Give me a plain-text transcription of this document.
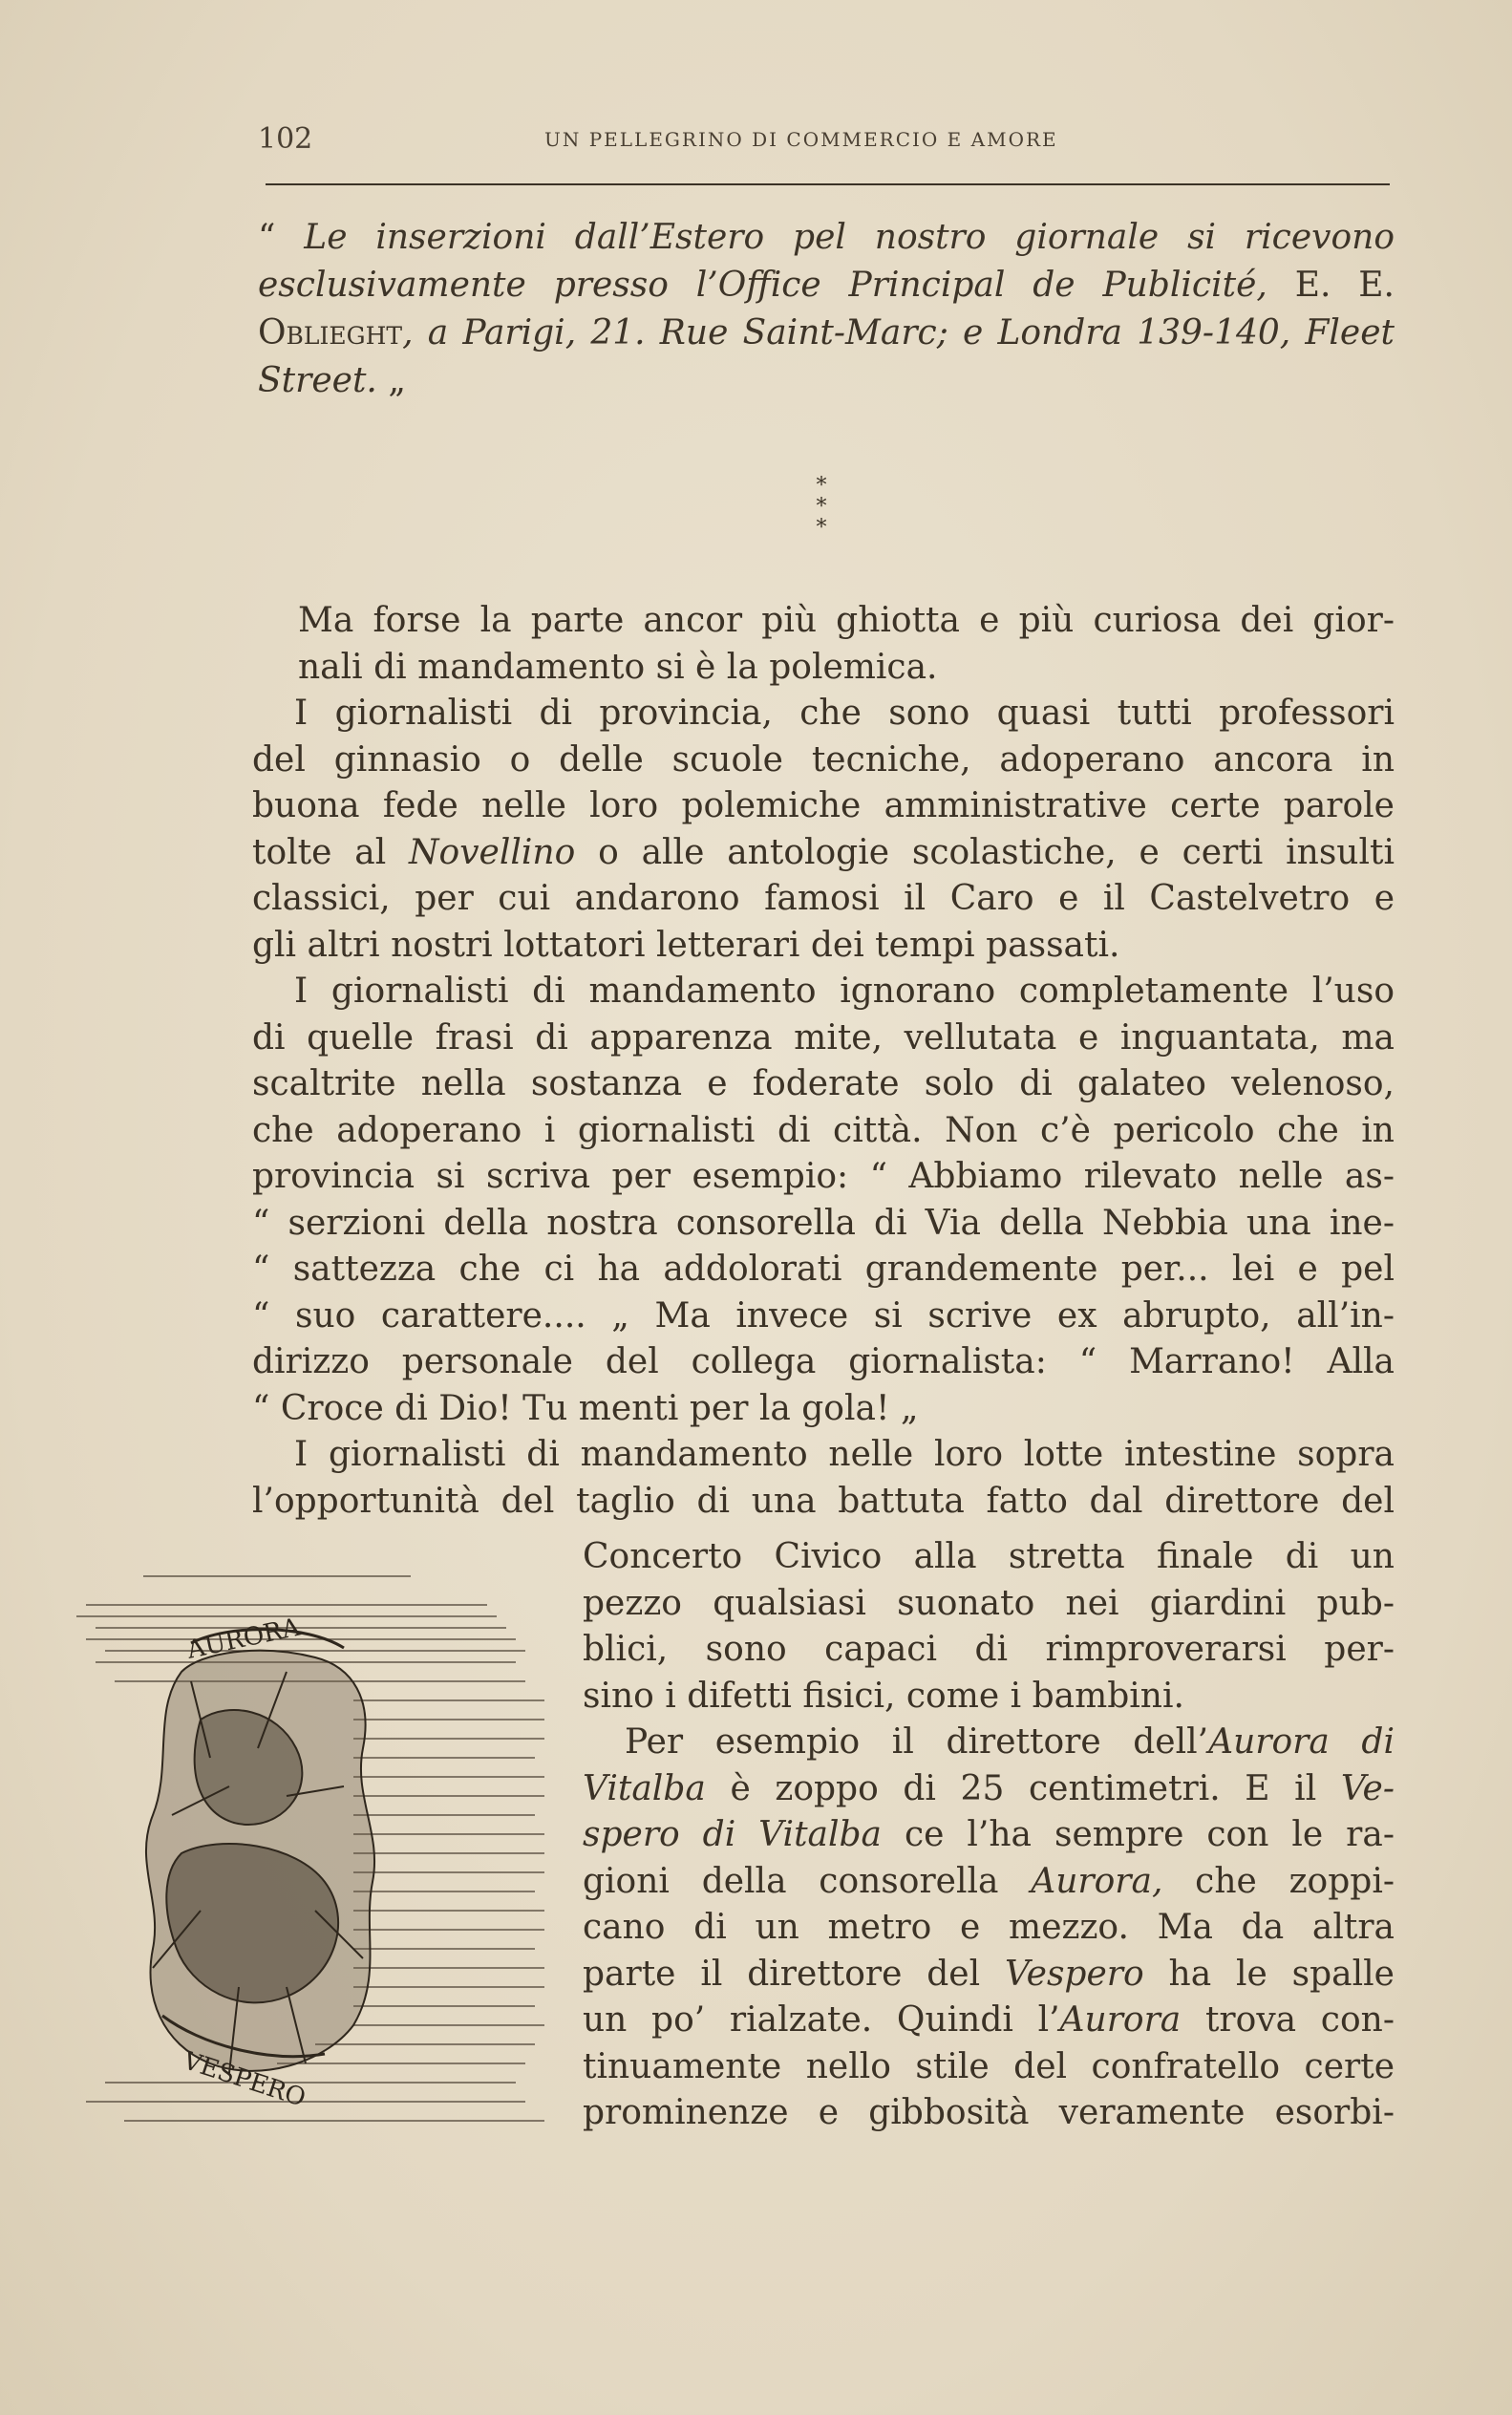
102	UN PELLEGRINO DI COMMERCIO E AMORE
“ Le inserzioni dall’Estero pel nostro giornale si ricevono esclusivamente presso l’Office Principal de Publicité, E. E. Oblieght, a Parigi, 21. Rue Saint-Marc; e Londra 139-140, Fleet Street. „
*
* *

Ma forse la parte ancor più ghiotta e più curiosa dei gior-
nali di mandamento si è la polemica.

I giornalisti di provincia, che sono quasi tutti professori
del ginnasio o delle scuole tecniche, adoperano ancora in
buona fede nelle loro polemiche amministrative certe parole
tolte al Novellino o alle antologie scolastiche, e certi insulti
classici, per cui andarono famosi il Caro e il Castelvetro e
gli altri nostri lottatori letterari dei tempi passati.

I giornalisti di mandamento ignorano completamente l’uso
di quelle frasi di apparenza mite, vellutata e inguantata, ma
scaltrite nella sostanza e foderate solo di galateo velenoso,
che adoperano i giornalisti di città. Non c’è pericolo che in
provincia si scriva per esempio: “ Abbiamo rilevato nelle as-
“ serzioni della nostra consorella di Via della Nebbia una ine-
“ sattezza che ci ha addolorati grandemente per... lei e pel
“ suo carattere.... „ Ma invece si scrive ex abrupto, all’in-
dirizzo personale del collega giornalista: “ Marrano! Alla
“ Croce di Dio! Tu menti per la gola! „

I giornalisti di mandamento nelle loro lotte intestine sopra
l’opportunità del taglio di una battuta fatto dal direttore del

Concerto Civico alla stretta finale di un
pezzo qualsiasi suonato nei giardini pub-
blici, sono capaci di rimproverarsi per-
sino i difetti fisici, come i bambini.

Per esempio il direttore dell’Aurora di
Vitalba è zoppo di 25 centimetri. E il Ve-
spero di Vitalba ce l’ha sempre con le ra-
gioni della consorella Aurora, che zoppi-
cano di un metro e mezzo. Ma da altra
parte il direttore del Vespero ha le spalle
un po’ rialzate. Quindi l’Aurora trova con-
tinuamente nello stile del confratello certe
prominenze e gibbosità veramente esorbi-

AURORA
VESPERO
